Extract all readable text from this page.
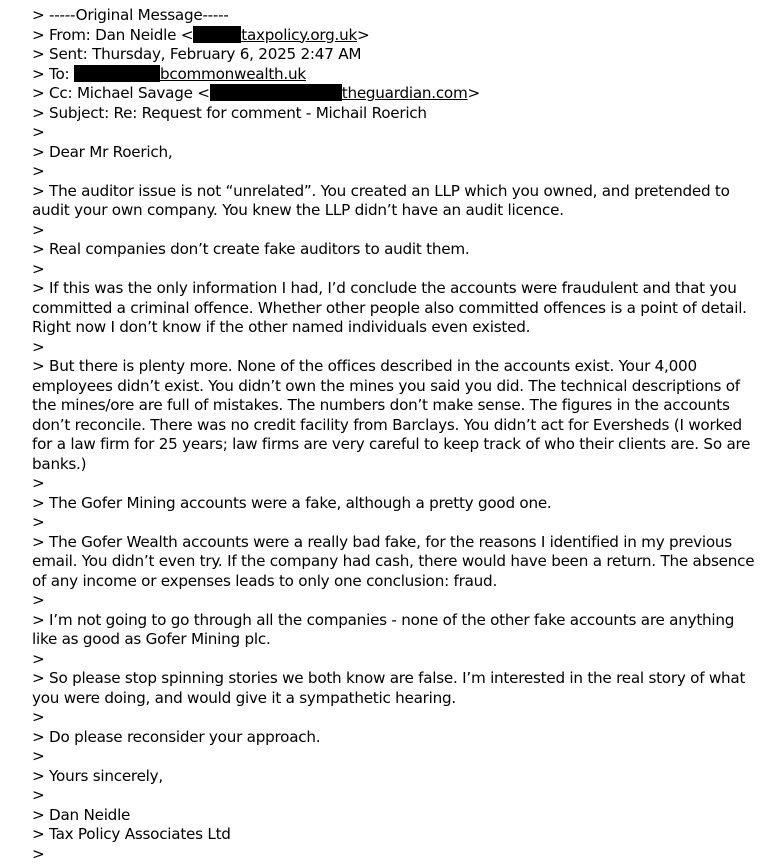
> -----Original Message-----
> From: Dan Neidle <	taxpolicy.org.uk>
> Sent: Thursday, February 6, 2025 2:47 AM
> To:	bcommonwealth.uk
> Cc: Michael Savage <	theguardian.com>
> Subject: Re: Request for comment - Michail Roerich
>
> Dear Mr Roerich,
>
> The auditor issue is not “unrelated”. You created an LLP which you owned, and pretended to audit your own company. You knew the LLP didn’t have an audit licence.
>
> Real companies don’t create fake auditors to audit them.
>
> If this was the only information I had, I’d conclude the accounts were fraudulent and that you committed a criminal offence. Whether other people also committed offences is a point of detail. Right now I don’t know if the other named individuals even existed.
>
> But there is plenty more. None of the offices described in the accounts exist. Your 4,000 employees didn’t exist. You didn’t own the mines you said you did. The technical descriptions of the mines/ore are full of mistakes. The numbers don’t make sense. The figures in the accounts don’t reconcile. There was no credit facility from Barclays. You didn’t act for Eversheds (I worked for a law firm for 25 years; law firms are very careful to keep track of who their clients are. So are banks.)
>
> The Gofer Mining accounts were a fake, although a pretty good one.
>
> The Gofer Wealth accounts were a really bad fake, for the reasons I identified in my previous email. You didn’t even try. If the company had cash, there would have been a return. The absence of any income or expenses leads to only one conclusion: fraud.
>
> I’m not going to go through all the companies - none of the other fake accounts are anything like as good as Gofer Mining plc.
>
> So please stop spinning stories we both know are false. I’m interested in the real story of what you were doing, and would give it a sympathetic hearing.
>
> Do please reconsider your approach.
>
> Yours sincerely,
>
> Dan Neidle
> Tax Policy Associates Ltd
>
